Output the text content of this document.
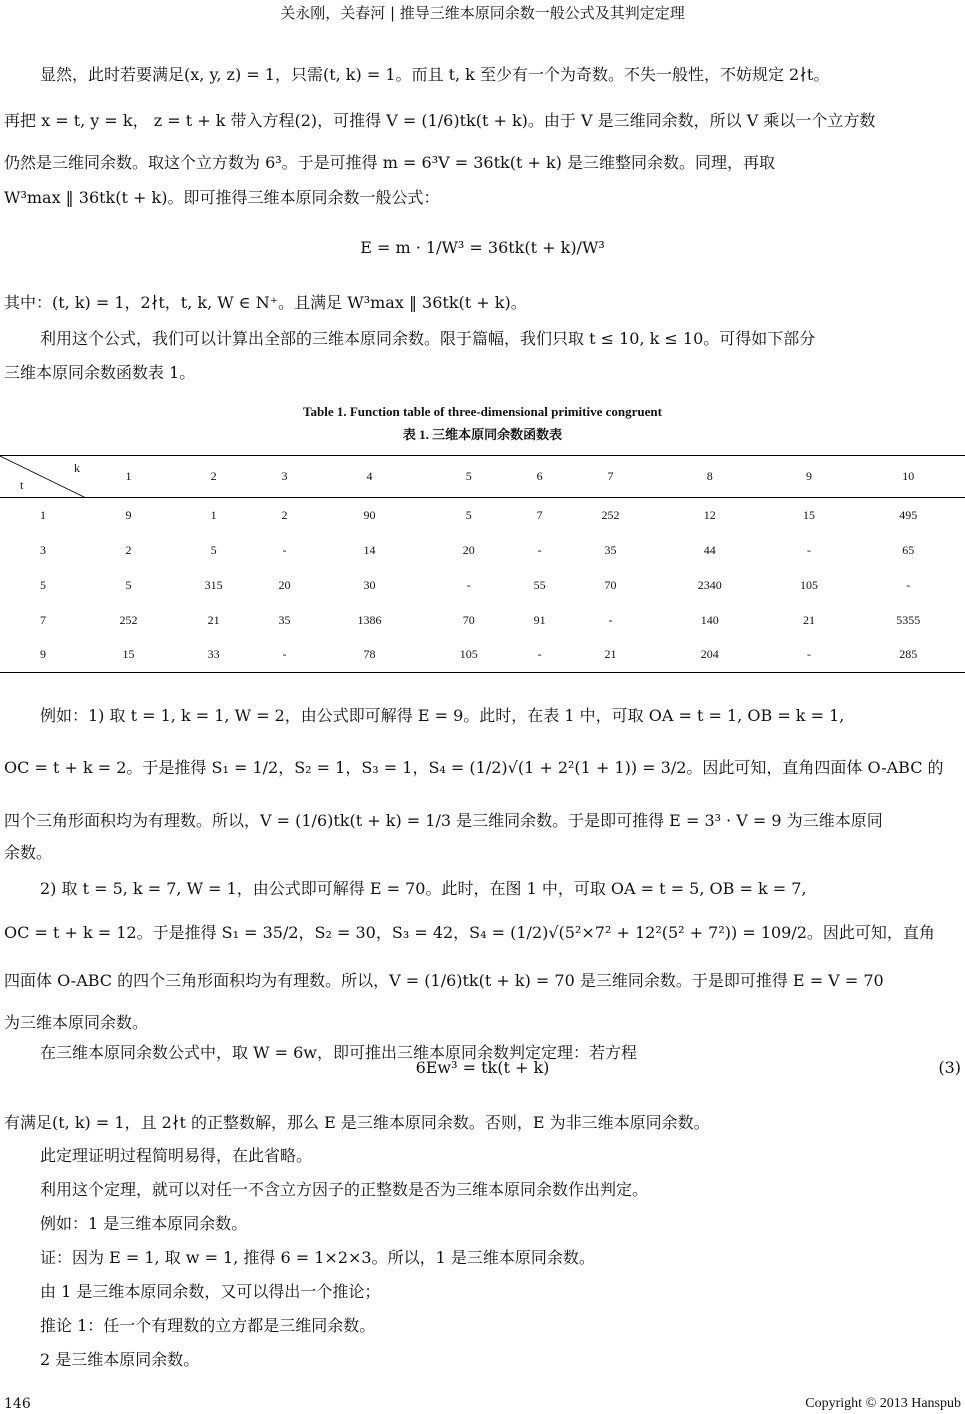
关永刚，关春河 | 推导三维本原同余数一般公式及其判定定理
显然，此时若要满足(x, y, z) = 1，只需(t, k) = 1。而且 t, k 至少有一个为奇数。不失一般性，不妨规定 2∤t。
再把 x = t, y = k， z = t + k 带入方程(2)，可推得 V = (1/6)tk(t + k)。由于 V 是三维同余数，所以 V 乘以一个立方数
仍然是三维同余数。取这个立方数为 6³。于是可推得 m = 6³V = 36tk(t + k) 是三维整同余数。同理，再取
W³max ‖ 36tk(t + k)。即可推得三维本原同余数一般公式：
E = m · 1/W³ = 36tk(t + k)/W³
其中：(t, k) = 1，2∤t，t, k, W ∈ N⁺。且满足 W³max ‖ 36tk(t + k)。
利用这个公式，我们可以计算出全部的三维本原同余数。限于篇幅，我们只取 t ≤ 10, k ≤ 10。可得如下部分
三维本原同余数函数表 1。
例如：1) 取 t = 1, k = 1, W = 2，由公式即可解得 E = 9。此时，在表 1 中，可取 OA = t = 1, OB = k = 1,
OC = t + k = 2。于是推得 S₁ = 1/2，S₂ = 1，S₃ = 1，S₄ = (1/2)√(1 + 2²(1 + 1)) = 3/2。因此可知，直角四面体 O-ABC 的
四个三角形面积均为有理数。所以，V = (1/6)tk(t + k) = 1/3 是三维同余数。于是即可推得 E = 3³ · V = 9 为三维本原同
余数。
2) 取 t = 5, k = 7, W = 1，由公式即可解得 E = 70。此时，在图 1 中，可取 OA = t = 5, OB = k = 7,
OC = t + k = 12。于是推得 S₁ = 35/2，S₂ = 30，S₃ = 42，S₄ = (1/2)√(5²×7² + 12²(5² + 7²)) = 109/2。因此可知，直角
四面体 O-ABC 的四个三角形面积均为有理数。所以，V = (1/6)tk(t + k) = 70 是三维同余数。于是即可推得 E = V = 70
为三维本原同余数。
在三维本原同余数公式中，取 W = 6w，即可推出三维本原同余数判定定理：若方程
6Ew³ = tk(t + k)
有满足(t, k) = 1，且 2∤t 的正整数解，那么 E 是三维本原同余数。否则，E 为非三维本原同余数。
此定理证明过程简明易得，在此省略。
利用这个定理，就可以对任一不含立方因子的正整数是否为三维本原同余数作出判定。
例如：1 是三维本原同余数。
证：因为 E = 1, 取 w = 1, 推得 6 = 1×2×3。所以，1 是三维本原同余数。
由 1 是三维本原同余数，又可以得出一个推论；
推论 1：任一个有理数的立方都是三维同余数。
2 是三维本原同余数。
Table 1. Function table of three-dimensional primitive congruent
表 1. 三维本原同余数函数表
k
t	1	2	3	4	5	6	7	8	9	10
1	9	1	2	90	5	7	252	12	15	495
3	2	5	-	14	20	-	35	44	-	65
5	5	315	20	30	-	55	70	2340	105	-
7	252	21	35	1386	70	91	-	140	21	5355
9	15	33	-	78	105	-	21	204	-	285
(3)
146	Copyright © 2013 Hanspub
